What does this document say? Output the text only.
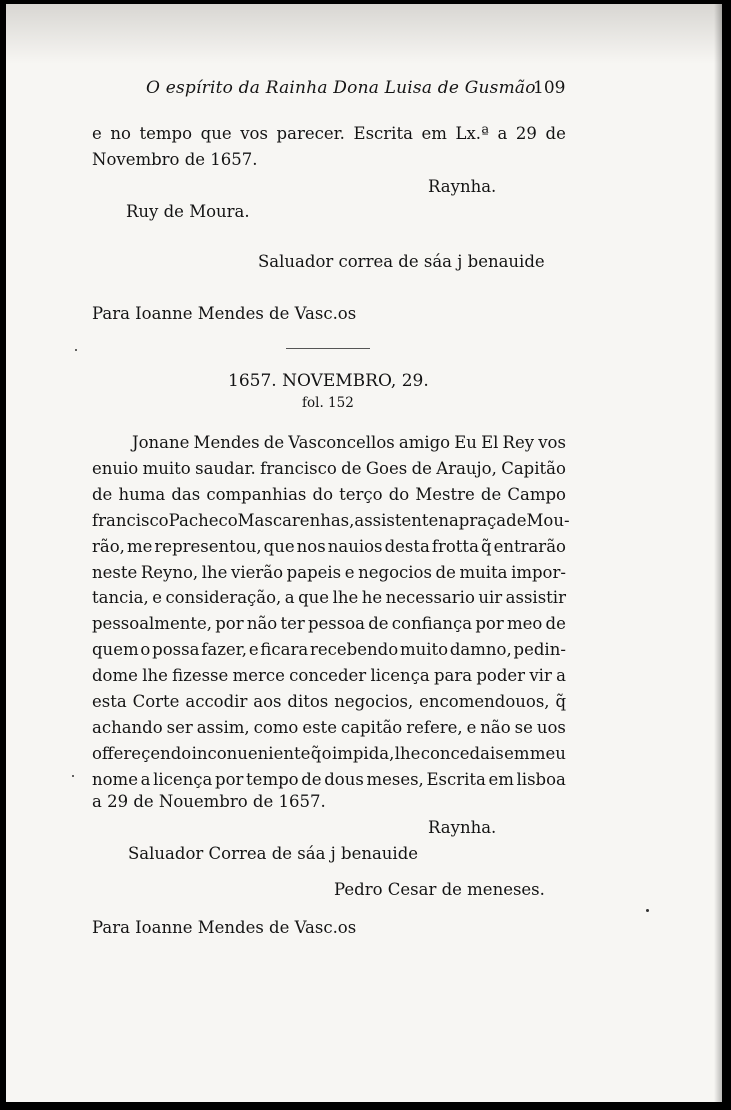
O espírito da Rainha Dona Luisa de Gusmão
109
e no tempo que vos parecer. Escrita em Lx.ª a 29 de
Novembro de 1657.
Raynha.
Ruy de Moura.
Saluador correa de sáa j benauide
Para Ioanne Mendes de Vasc.os
1657. NOVEMBRO, 29.
fol. 152
Jonane Mendes de Vasconcellos amigo Eu El Rey vos
enuio muito saudar. francisco de Goes de Araujo, Capitão
de huma das companhias do terço do Mestre de Campo
francisco Pacheco Mascarenhas, assistente na praça de Mou-
rão, me representou, que nos nauios desta frotta q̃ entrarão
neste Reyno, lhe vierão papeis e negocios de muita impor-
tancia, e consideração, a que lhe he necessario uir assistir
pessoalmente, por não ter pessoa de confiança por meo de
quem o possa fazer, e ficara recebendo muito damno, pedin-
dome lhe fizesse merce conceder licença para poder vir a
esta Corte accodir aos ditos negocios, encomendouos, q̃
achando ser assim, como este capitão refere, e não se uos
offereçendo inconueniente q̃ o impida, lhe concedais em meu
nome a licença por tempo de dous meses, Escrita em lisboa
a 29 de Nouembro de 1657.
Raynha.
Saluador Correa de sáa j benauide
Pedro Cesar de meneses.
Para Ioanne Mendes de Vasc.os
